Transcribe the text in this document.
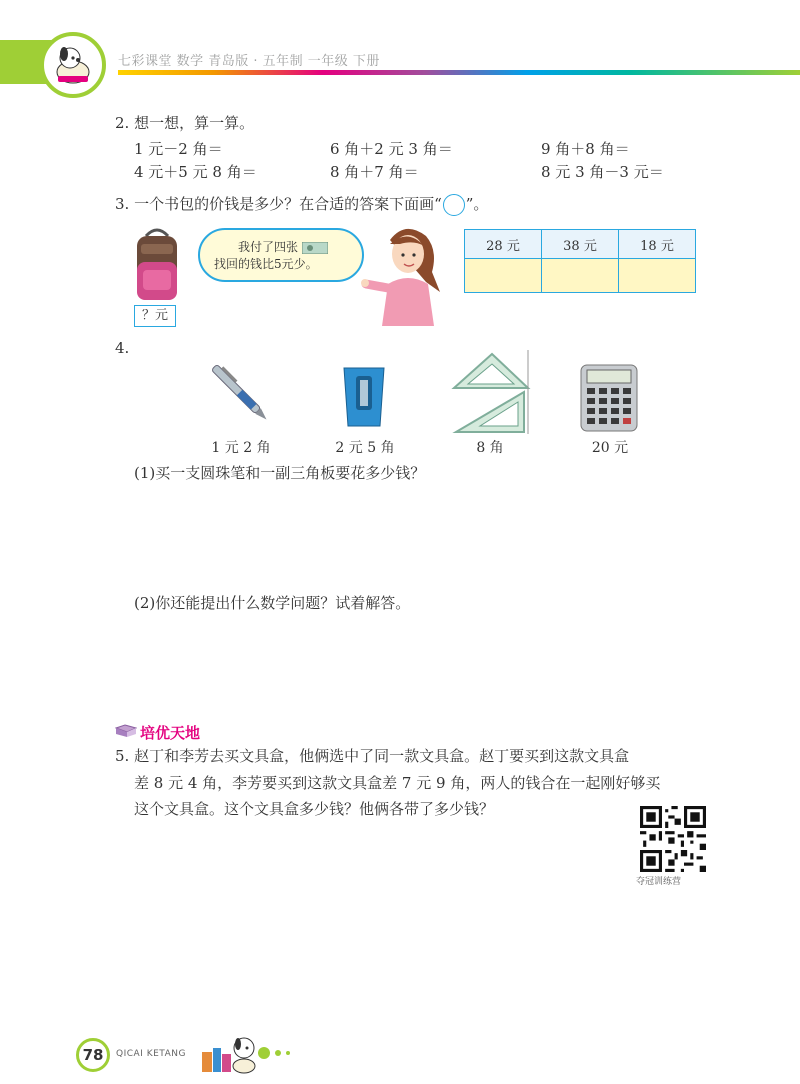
七彩课堂 数学 青岛版 · 五年制 一年级 下册
2. 想一想，算一算。
1 元－2 角＝	6 角＋2 元 3 角＝	9 角＋8 角＝
4 元＋5 元 8 角＝	8 角＋7 角＝	8 元 3 角－3 元＝
3. 一个书包的价钱是多少？在合适的答案下面画“○”。
？元
我付了四张
找回的钱比5元少。
28 元	38 元	18 元

4.
1 元 2 角	2 元 5 角	8 角	20 元
(1)买一支圆珠笔和一副三角板要花多少钱？
(2)你还能提出什么数学问题？试着解答。
培优天地
5. 赵丁和李芳去买文具盒，他俩选中了同一款文具盒。赵丁要买到这款文具盒
差 8 元 4 角，李芳要买到这款文具盒差 7 元 9 角，两人的钱合在一起刚好够买
这个文具盒。这个文具盒多少钱？他俩各带了多少钱？
夺冠训练营
78	QICAI KETANG
